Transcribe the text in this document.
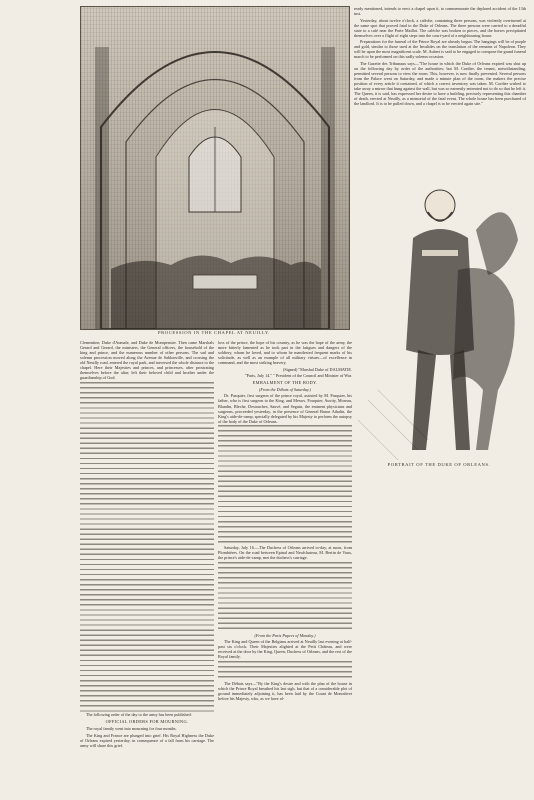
PROCESSION IN THE CHAPEL AT NEUILLY.

ready mentioned, intends to erect a chapel upon it, to commemorate the deplored accident of the 13th inst.

Yesterday, about twelve o'clock, a calèche, containing three persons, was violently overturned at the same spot that proved fatal to the Duke of Orleans. The three persons were carried to a dreadful state to a café near the Porte Maillot. The calèche was broken to pieces, and the horses precipitated themselves over a flight of eight steps into the court-yard of a neighbouring house.

Preparations for the funeral of the Prince Royal are already begun. The hangings will be of purple and gold, similar to those used at the Invalides on the translation of the remains of Napoleon. They will be upon the most magnificent scale. M. Aubert is said to be engaged to compose the grand funeral march to be performed on this sadly solemn occasion.

The Gazette des Tribunaux says—"The house in which the Duke of Orleans expired was shut up on the following day by order of the authorities; but M. Cordier, the tenant, notwithstanding, permitted several persons to view the room. This, however, is now finally prevented. Several persons from the Palace went on Saturday, and made a minute plan of the room, the makers the precise position of every article it contained, of which a correct inventory was taken. M. Cordier wished to take away a mirror that hung against the wall, but was so earnestly entreated not to do so that he left it. The Queen, it is said, has expressed her desire to have a building, precisely representing this chamber of death, erected at Neuilly, as a memorial of the fatal event. The whole house has been purchased of the landlord. It is to be pulled down, and a chapel is to be erected again site."

PORTRAIT OF THE DUKE OF ORLEANS.

Clementine, Duke d'Aumale, and Duke de Montpensier. Then came Marshals Gerard and Gerard, the ministers, the General officers, the household of the king and prince, and the numerous number of other persons. The sad and solemn procession moved along the Avenue de Sablonville, and crossing the old Neuilly road, entered the royal park, and traversed the whole distance to the chapel. Here their Majesties and princes, and princesses, after prostrating themselves before the altar, left their beloved child and brother under the guardianship of God.

The following order of the day to the army has been published:

OFFICIAL ORDERS FOR MOURNING.

The royal family went into mourning for four months.

The King and France are plunged into grief. His Royal Highness the Duke of Orleans expired yesterday, in consequence of a fall from his carriage. The army will share this grief.

loss of the prince, the hope of his country, as he was the hope of the army, the more bitterly lamented as he took part in the fatigues and dangers of the soldiery, whom he loved, and to whom he manifested frequent marks of his solicitude, as well as an example of all military virtues—of excellence in command, and the most striking bravery.

(Signed) "Marshal Duke of DALMATIE.

"Paris, July 14." " President of the Council and Minister of War.

EMBALMENT OF THE BODY.

(From the Débats of Saturday.)

Dr. Pasquier, first surgeon of the prince royal, assisted by M. Pasquier, his father, who is first surgeon to the King, and Messrs. Fouquier, Auvity, Moreau, Blandin, Bleche, Destouches, Sauvé, and Seguin, the eminent physicians and surgeons, proceeded yesterday, in the presence of General Baron Athalin, the King's aide-de-camp, specially delegated by his Majesty to perform the autopsy of the body of the Duke of Orleans.

Saturday, July 16.—The Duchess of Orleans arrived to-day, at noon, from Plombières. On the road between Epinal and Neufchateau, M. Bertin de Vaux, the prince's aide-de-camp, met the duchess's carriage.

(From the Paris Papers of Monday.)

The King and Queen of the Belgians arrived at Neuilly last evening at half-past six o'clock. Their Majesties alighted at the Petit Château, and were received at the door by the King, Queen, Duchess of Orleans, and the rest of the Royal family.

The Débats says—"By the King's desire and with the plan of the house in which the Prince Royal breathed his last sigh, but that of a considerable plot of ground immediately adjoining it, has been laid by the Count de Montalivet before his Majesty, who, as we have al-
